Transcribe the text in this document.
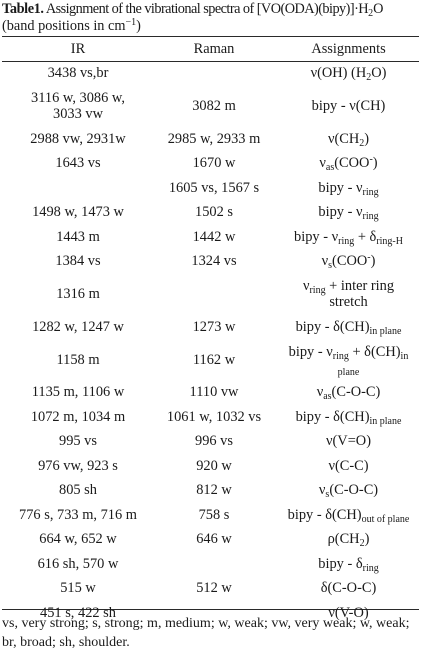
Table1. Assignment of the vibrational spectra of $[VO(ODA)(bipy)]\cdot H_2O$
(band positions in $cm^{-1}$)
IR	Raman	Assignments
3438 vs,br		ν(OH) $(H_2O)$
3116 w, 3086 w,
3033 vw	3082 m	bipy - ν(CH)
2988 vw, 2931w	2985 w, 2933 m	$\nu(CH_2)$
1643 vs	1670 w	$\nu_{as}(COO^-)$
	1605 vs, 1567 s	bipy - $\nu_{ring}$
1498 w, 1473 w	1502 s	bipy - $\nu_{ring}$
1443 m	1442 w	bipy - $\nu_{ring} + \delta_{ring-H}$
1384 vs	1324 vs	$\nu_s(COO^-)$
1316 m		$\nu_{ring}$ + inter ring
stretch
1282 w, 1247 w	1273 w	bipy - $\delta(CH)_{in plane}$
1158 m	1162 w	bipy - $\nu_{ring} + \delta(CH)_{in}$
$_{plane}$
1135 m, 1106 w	1110 vw	$\nu_{as}(C-O-C)$
1072 m, 1034 m	1061 w, 1032 vs	bipy - $\delta(CH)_{in plane}$
995 vs	996 vs	ν(V=O)
976 vw, 923 s	920 w	ν(C-C)
805 sh	812 w	$\nu_s(C-O-C)$
776 s, 733 m, 716 m	758 s	bipy - $\delta(CH)_{out of plane}$
664 w, 652 w	646 w	$\rho(CH_2)$
616 sh, 570 w		bipy - $\delta_{ring}$
515 w	512 w	δ(C-O-C)
451 s, 422 sh		ν(V-O)
vs, very strong; s, strong; m, medium; w, weak; vw, very weak; w, weak; br, broad; sh, shoulder.
